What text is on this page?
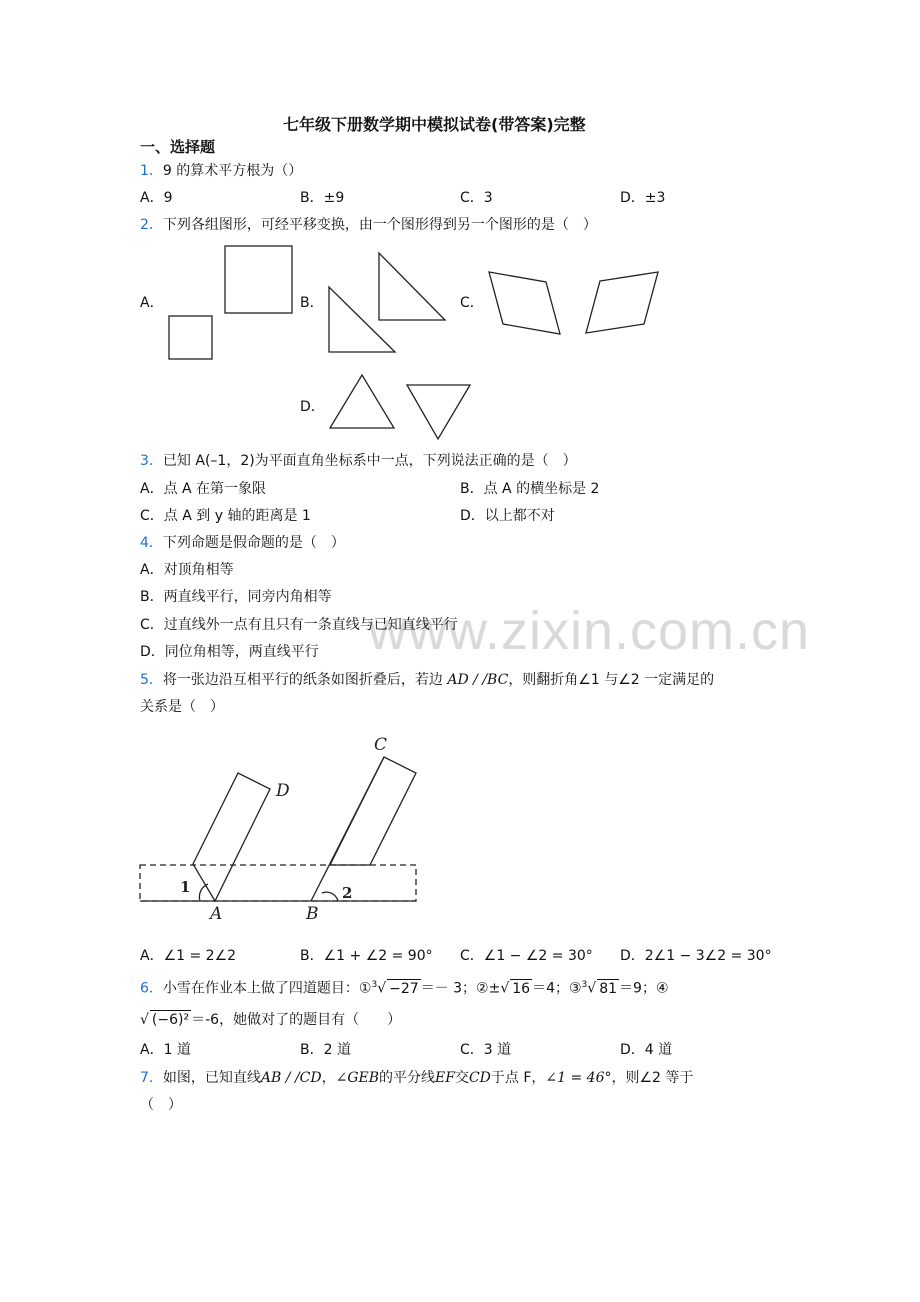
www.zixin.com.cn
七年级下册数学期中模拟试卷(带答案)完整
一、选择题
1．9 的算术平方根为（）
A．9	B．±9	C．3	D．±3
2．下列各组图形，可经平移变换，由一个图形得到另一个图形的是（　）
A．	B．	C．
D．
3．已知 A(–1，2)为平面直角坐标系中一点，下列说法正确的是（　）
A．点 A 在第一象限	B．点 A 的横坐标是 2
C．点 A 到 y 轴的距离是 1	D．以上都不对
4．下列命题是假命题的是（　）
A．对顶角相等
B．两直线平行，同旁内角相等
C．过直线外一点有且只有一条直线与已知直线平行
D．同位角相等，两直线平行
5．将一张边沿互相平行的纸条如图折叠后，若边 AD / /BC，则翻折角∠1 与∠2 一定满足的
关系是（　）
C
D
A	B
1	2
A．∠1 = 2∠2	B．∠1 + ∠2 = 90° C．∠1 − ∠2 = 30° D．2∠1 − 3∠2 = 30°
6．小雪在作业本上做了四道题目：①$^3$√ −27 ＝－ 3；②±√ 16 ＝4；③$^3$√ 81 ＝9；④
√ (−6)² ＝-6，她做对了的题目有（　　）
A．1 道	B．2 道	C．3 道	D．4 道
7．如图，已知直线AB / /CD，∠GEB的平分线EF交CD于点 F，∠1 = 46°，则∠2 等于
（　）
